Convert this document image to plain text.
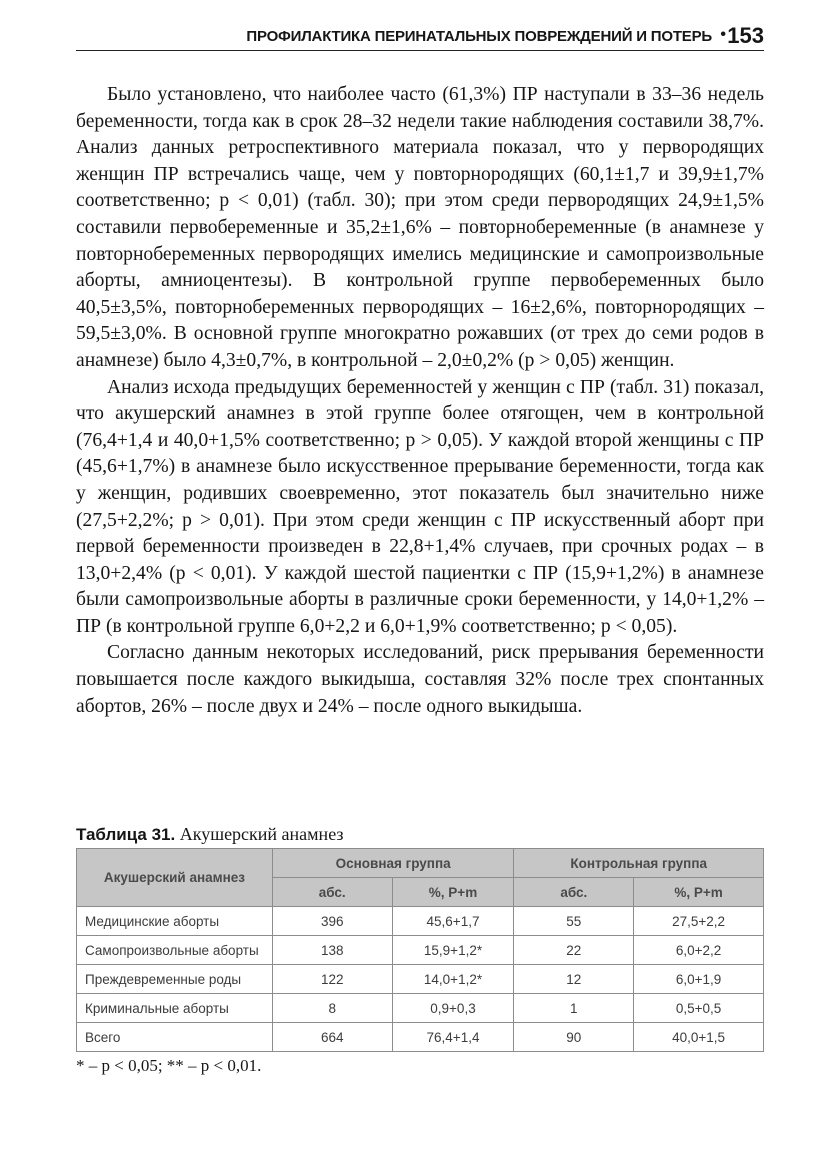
ПРОФИЛАКТИКА ПЕРИНАТАЛЬНЫХ ПОВРЕЖДЕНИЙ И ПОТЕРЬ • 153

Было установлено, что наиболее часто (61,3%) ПР наступали в 33–36 недель беременности, тогда как в срок 28–32 недели такие наблюдения составили 38,7%. Анализ данных ретроспективного материала показал, что у первородящих женщин ПР встречались чаще, чем у повторнородящих (60,1±1,7 и 39,9±1,7% соответственно; p < 0,01) (табл. 30); при этом среди первородящих 24,9±1,5% составили первобеременные и 35,2±1,6% – повторнобеременные (в анамнезе у повторнобеременных первородящих имелись медицинские и самопроизвольные аборты, амниоцентезы). В контрольной группе первобеременных было 40,5±3,5%, повторнобеременных первородящих – 16±2,6%, повторнородящих – 59,5±3,0%. В основной группе многократно рожавших (от трех до семи родов в анамнезе) было 4,3±0,7%, в контрольной – 2,0±0,2% (p > 0,05) женщин.

Анализ исхода предыдущих беременностей у женщин с ПР (табл. 31) показал, что акушерский анамнез в этой группе более отягощен, чем в контрольной (76,4+1,4 и 40,0+1,5% соответственно; p > 0,05). У каждой второй женщины с ПР (45,6+1,7%) в анамнезе было искусственное прерывание беременности, тогда как у женщин, родивших своевременно, этот показатель был значительно ниже (27,5+2,2%; p > 0,01). При этом среди женщин с ПР искусственный аборт при первой беременности произведен в 22,8+1,4% случаев, при срочных родах – в 13,0+2,4% (p < 0,01). У каждой шестой пациентки с ПР (15,9+1,2%) в анамнезе были самопроизвольные аборты в различные сроки беременности, у 14,0+1,2% – ПР (в контрольной группе 6,0+2,2 и 6,0+1,9% соответственно; p < 0,05).

Согласно данным некоторых исследований, риск прерывания беременности повышается после каждого выкидыша, составляя 32% после трех спонтанных абортов, 26% – после двух и 24% – после одного выкидыша.

Таблица 31. Акушерский анамнез
Акушерский анамнез	Основная группа		Контрольная группа	
	абс.	%, P+m	абс.	%, P+m
Медицинские аборты	396	45,6+1,7	55	27,5+2,2
Самопроизвольные аборты	138	15,9+1,2*	22	6,0+2,2
Преждевременные роды	122	14,0+1,2*	12	6,0+1,9
Криминальные аборты	8	0,9+0,3	1	0,5+0,5
Всего	664	76,4+1,4	90	40,0+1,5
* – p < 0,05; ** – p < 0,01.
